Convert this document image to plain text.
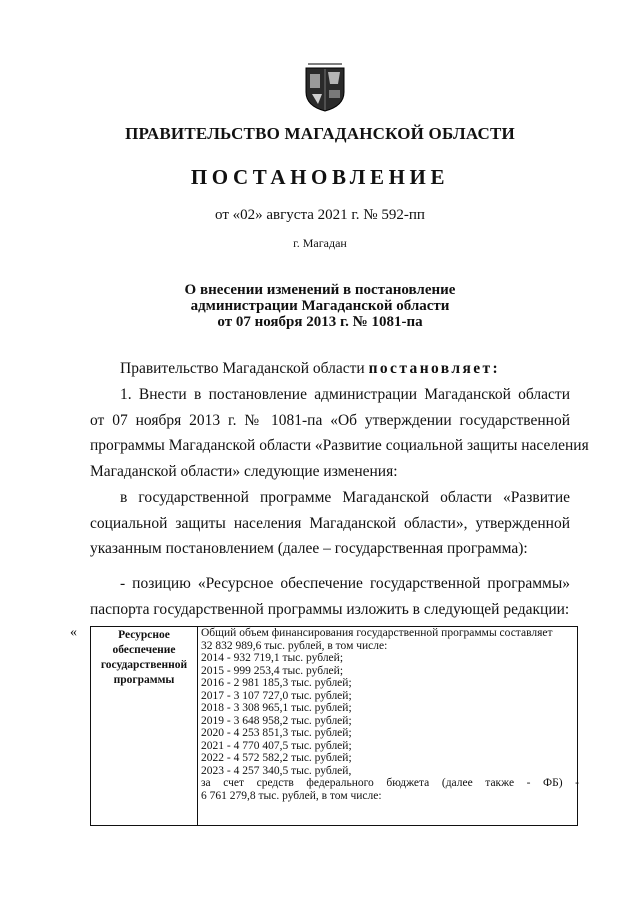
ПРАВИТЕЛЬСТВО МАГАДАНСКОЙ ОБЛАСТИ
ПОСТАНОВЛЕНИЕ
от «02» августа 2021 г. № 592-пп
г. Магадан
О внесении изменений в постановление
администрации Магаданской области
от 07 ноября 2013 г. № 1081-па
Правительство Магаданской области постановляет:
1. Внести в постановление администрации Магаданской области
от 07 ноября 2013 г. № 1081-па «Об утверждении государственной
программы Магаданской области «Развитие социальной защиты населения
Магаданской области» следующие изменения:
в государственной программе Магаданской области «Развитие
социальной защиты населения Магаданской области», утвержденной
указанным постановлением (далее – государственная программа):
- позицию «Ресурсное обеспечение государственной программы»
паспорта государственной программы изложить в следующей редакции:
«	Ресурсное
обеспечение
государственной
программы
Общий объем финансирования государственной программы составляет
32 832 989,6 тыс. рублей, в том числе:
2014 - 932 719,1 тыс. рублей;
2015 - 999 253,4 тыс. рублей;
2016 - 2 981 185,3 тыс. рублей;
2017 - 3 107 727,0 тыс. рублей;
2018 - 3 308 965,1 тыс. рублей;
2019 - 3 648 958,2 тыс. рублей;
2020 - 4 253 851,3 тыс. рублей;
2021 - 4 770 407,5 тыс. рублей;
2022 - 4 572 582,2 тыс. рублей;
2023 - 4 257 340,5 тыс. рублей,
за счет средств федерального бюджета (далее также - ФБ) -
6 761 279,8 тыс. рублей, в том числе:
